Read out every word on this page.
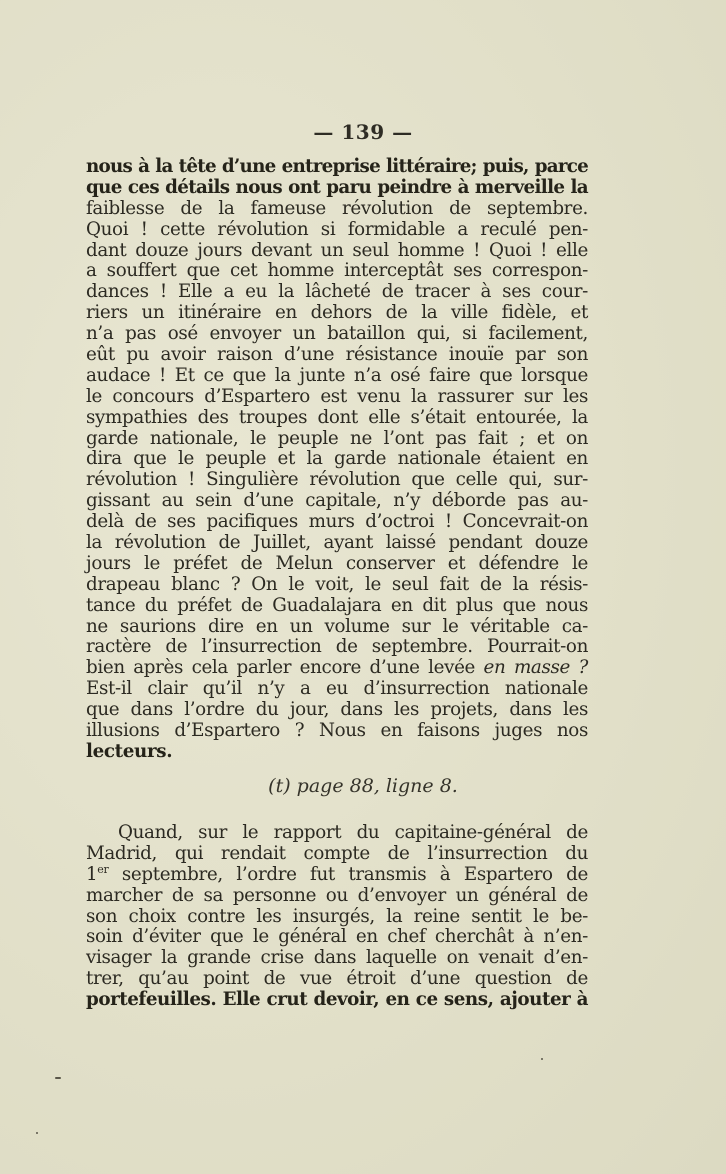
— 139 —
nous à la tête d’une entreprise littéraire; puis, parce
que ces détails nous ont paru peindre à merveille la
faiblesse de la fameuse révolution de septembre.
Quoi ! cette révolution si formidable a reculé pen-
dant douze jours devant un seul homme ! Quoi ! elle
a souffert que cet homme interceptât ses correspon-
dances ! Elle a eu la lâcheté de tracer à ses cour-
riers un itinéraire en dehors de la ville fidèle, et
n’a pas osé envoyer un bataillon qui, si facilement,
eût pu avoir raison d’une résistance inouïe par son
audace ! Et ce que la junte n’a osé faire que lorsque
le concours d’Espartero est venu la rassurer sur les
sympathies des troupes dont elle s’était entourée, la
garde nationale, le peuple ne l’ont pas fait ; et on
dira que le peuple et la garde nationale étaient en
révolution ! Singulière révolution que celle qui, sur-
gissant au sein d’une capitale, n’y déborde pas au-
delà de ses pacifiques murs d’octroi ! Concevrait-on
la révolution de Juillet, ayant laissé pendant douze
jours le préfet de Melun conserver et défendre le
drapeau blanc ? On le voit, le seul fait de la résis-
tance du préfet de Guadalajara en dit plus que nous
ne saurions dire en un volume sur le véritable ca-
ractère de l’insurrection de septembre. Pourrait-on
bien après cela parler encore d’une levée en masse ?
Est-il clair qu’il n’y a eu d’insurrection nationale
que dans l’ordre du jour, dans les projets, dans les
illusions d’Espartero ? Nous en faisons juges nos
lecteurs.
(t) page 88, ligne 8.
Quand, sur le rapport du capitaine-général de
Madrid, qui rendait compte de l’insurrection du
1er septembre, l’ordre fut transmis à Espartero de
marcher de sa personne ou d’envoyer un général de
son choix contre les insurgés, la reine sentit le be-
soin d’éviter que le général en chef cherchât à n’en-
visager la grande crise dans laquelle on venait d’en-
trer, qu’au point de vue étroit d’une question de
portefeuilles. Elle crut devoir, en ce sens, ajouter à
